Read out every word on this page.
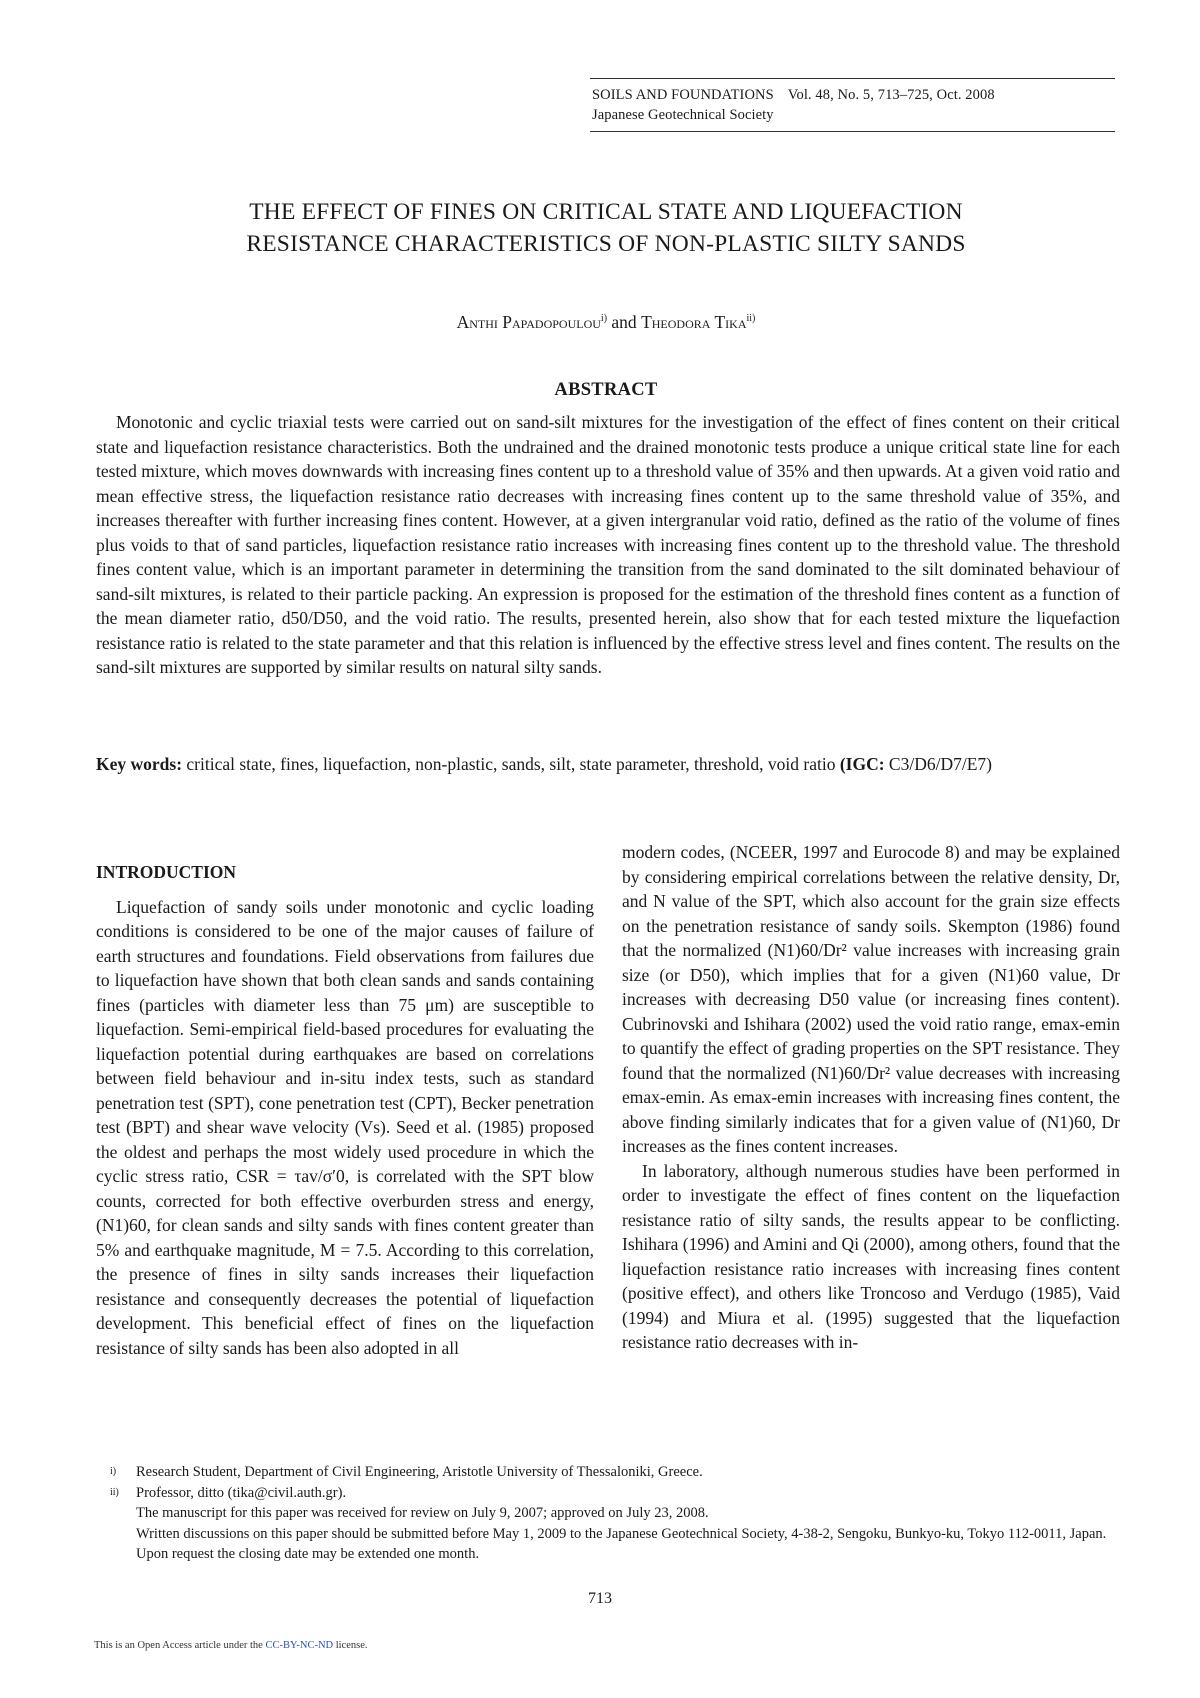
SOILS AND FOUNDATIONS Vol. 48, No. 5, 713–725, Oct. 2008
Japanese Geotechnical Society
THE EFFECT OF FINES ON CRITICAL STATE AND LIQUEFACTION
RESISTANCE CHARACTERISTICS OF NON-PLASTIC SILTY SANDS
Anthi Papadopoulou$^{i)}$ and Theodora Tika$^{ii)}$
ABSTRACT

Monotonic and cyclic triaxial tests were carried out on sand-silt mixtures for the investigation of the effect of fines content on their critical state and liquefaction resistance characteristics. Both the undrained and the drained monotonic tests produce a unique critical state line for each tested mixture, which moves downwards with increasing fines content up to a threshold value of 35% and then upwards. At a given void ratio and mean effective stress, the liquefaction resistance ratio decreases with increasing fines content up to the same threshold value of 35%, and increases thereafter with further increasing fines content. However, at a given intergranular void ratio, defined as the ratio of the volume of fines plus voids to that of sand particles, liquefaction resistance ratio increases with increasing fines content up to the threshold value. The threshold fines content value, which is an important parameter in determining the transition from the sand dominated to the silt dominated behaviour of sand-silt mixtures, is related to their particle packing. An expression is proposed for the estimation of the threshold fines content as a function of the mean diameter ratio, d50/D50, and the void ratio. The results, presented herein, also show that for each tested mixture the liquefaction resistance ratio is related to the state parameter and that this relation is influenced by the effective stress level and fines content. The results on the sand-silt mixtures are supported by similar results on natural silty sands.

Key words: critical state, fines, liquefaction, non-plastic, sands, silt, state parameter, threshold, void ratio (IGC: C3/D6/D7/E7)

INTRODUCTION

Liquefaction of sandy soils under monotonic and cyclic loading conditions is considered to be one of the major causes of failure of earth structures and foundations. Field observations from failures due to liquefaction have shown that both clean sands and sands containing fines (particles with diameter less than 75 μm) are susceptible to liquefaction. Semi-empirical field-based procedures for evaluating the liquefaction potential during earthquakes are based on correlations between field behaviour and in-situ index tests, such as standard penetration test (SPT), cone penetration test (CPT), Becker penetration test (BPT) and shear wave velocity (Vs). Seed et al. (1985) proposed the oldest and perhaps the most widely used procedure in which the cyclic stress ratio, CSR = τav/σ′0, is correlated with the SPT blow counts, corrected for both effective overburden stress and energy, (N1)60, for clean sands and silty sands with fines content greater than 5% and earthquake magnitude, M = 7.5. According to this correlation, the presence of fines in silty sands increases their liquefaction resistance and consequently decreases the potential of liquefaction development. This beneficial effect of fines on the liquefaction resistance of silty sands has been also adopted in all

modern codes, (NCEER, 1997 and Eurocode 8) and may be explained by considering empirical correlations between the relative density, Dr, and N value of the SPT, which also account for the grain size effects on the penetration resistance of sandy soils. Skempton (1986) found that the normalized (N1)60/Dr² value increases with increasing grain size (or D50), which implies that for a given (N1)60 value, Dr increases with decreasing D50 value (or increasing fines content). Cubrinovski and Ishihara (2002) used the void ratio range, emax-emin to quantify the effect of grading properties on the SPT resistance. They found that the normalized (N1)60/Dr² value decreases with increasing emax-emin. As emax-emin increases with increasing fines content, the above finding similarly indicates that for a given value of (N1)60, Dr increases as the fines content increases.

In laboratory, although numerous studies have been performed in order to investigate the effect of fines content on the liquefaction resistance ratio of silty sands, the results appear to be conflicting. Ishihara (1996) and Amini and Qi (2000), among others, found that the liquefaction resistance ratio increases with increasing fines content (positive effect), and others like Troncoso and Verdugo (1985), Vaid (1994) and Miura et al. (1995) suggested that the liquefaction resistance ratio decreases with in-

i)	Research Student, Department of Civil Engineering, Aristotle University of Thessaloniki, Greece.
ii)	Professor, ditto (tika@civil.auth.gr).
The manuscript for this paper was received for review on July 9, 2007; approved on July 23, 2008.
Written discussions on this paper should be submitted before May 1, 2009 to the Japanese Geotechnical Society, 4-38-2, Sengoku, Bunkyo-ku, Tokyo 112-0011, Japan. Upon request the closing date may be extended one month.
713
This is an Open Access article under the CC-BY-NC-ND license.
